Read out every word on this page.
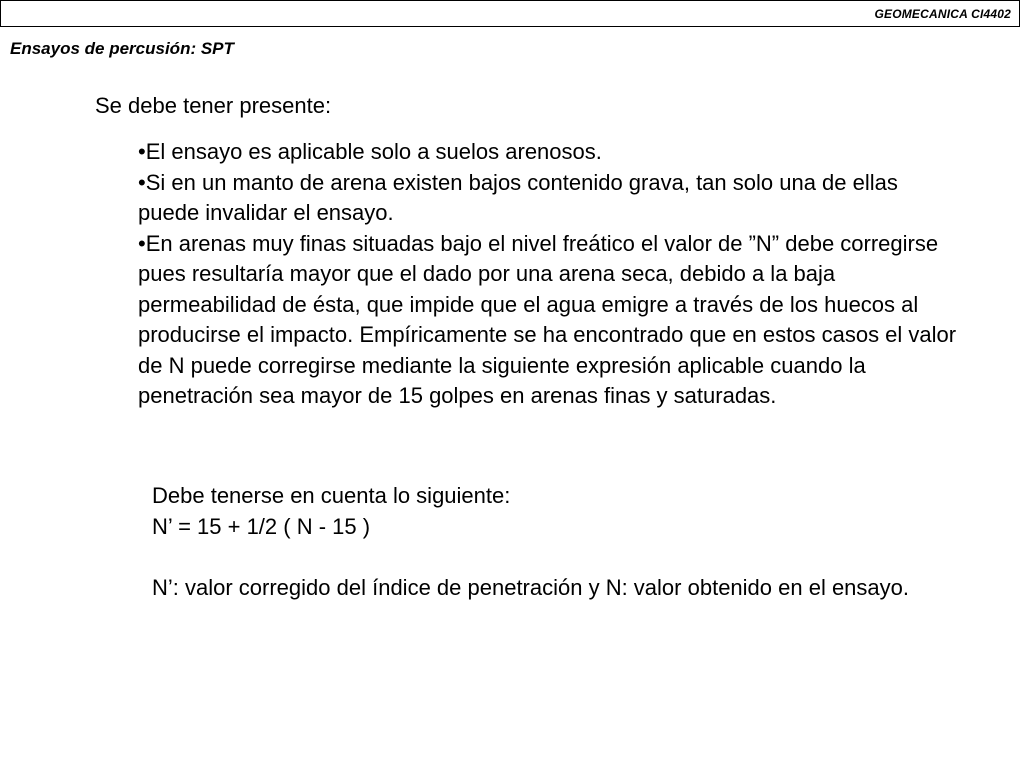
GEOMECANICA CI4402
Ensayos de percusión: SPT
Se debe tener presente:
•El ensayo es aplicable solo a suelos arenosos.
•Si en un manto de arena existen bajos contenido grava, tan solo una de ellas puede invalidar el ensayo.
•En arenas muy finas situadas bajo el nivel freático el valor de ”N” debe corregirse pues resultaría mayor que el dado por una arena seca, debido a la baja permeabilidad de ésta, que impide que el agua emigre a través de los huecos al producirse el impacto. Empíricamente se ha encontrado que en estos casos el valor de N puede corregirse mediante la siguiente expresión aplicable cuando la penetración sea mayor de 15 golpes en arenas finas y saturadas.
Debe tenerse en cuenta lo siguiente:
N’ = 15 + 1/2 ( N - 15 )
N’: valor corregido del índice de penetración y N: valor obtenido en el ensayo.
